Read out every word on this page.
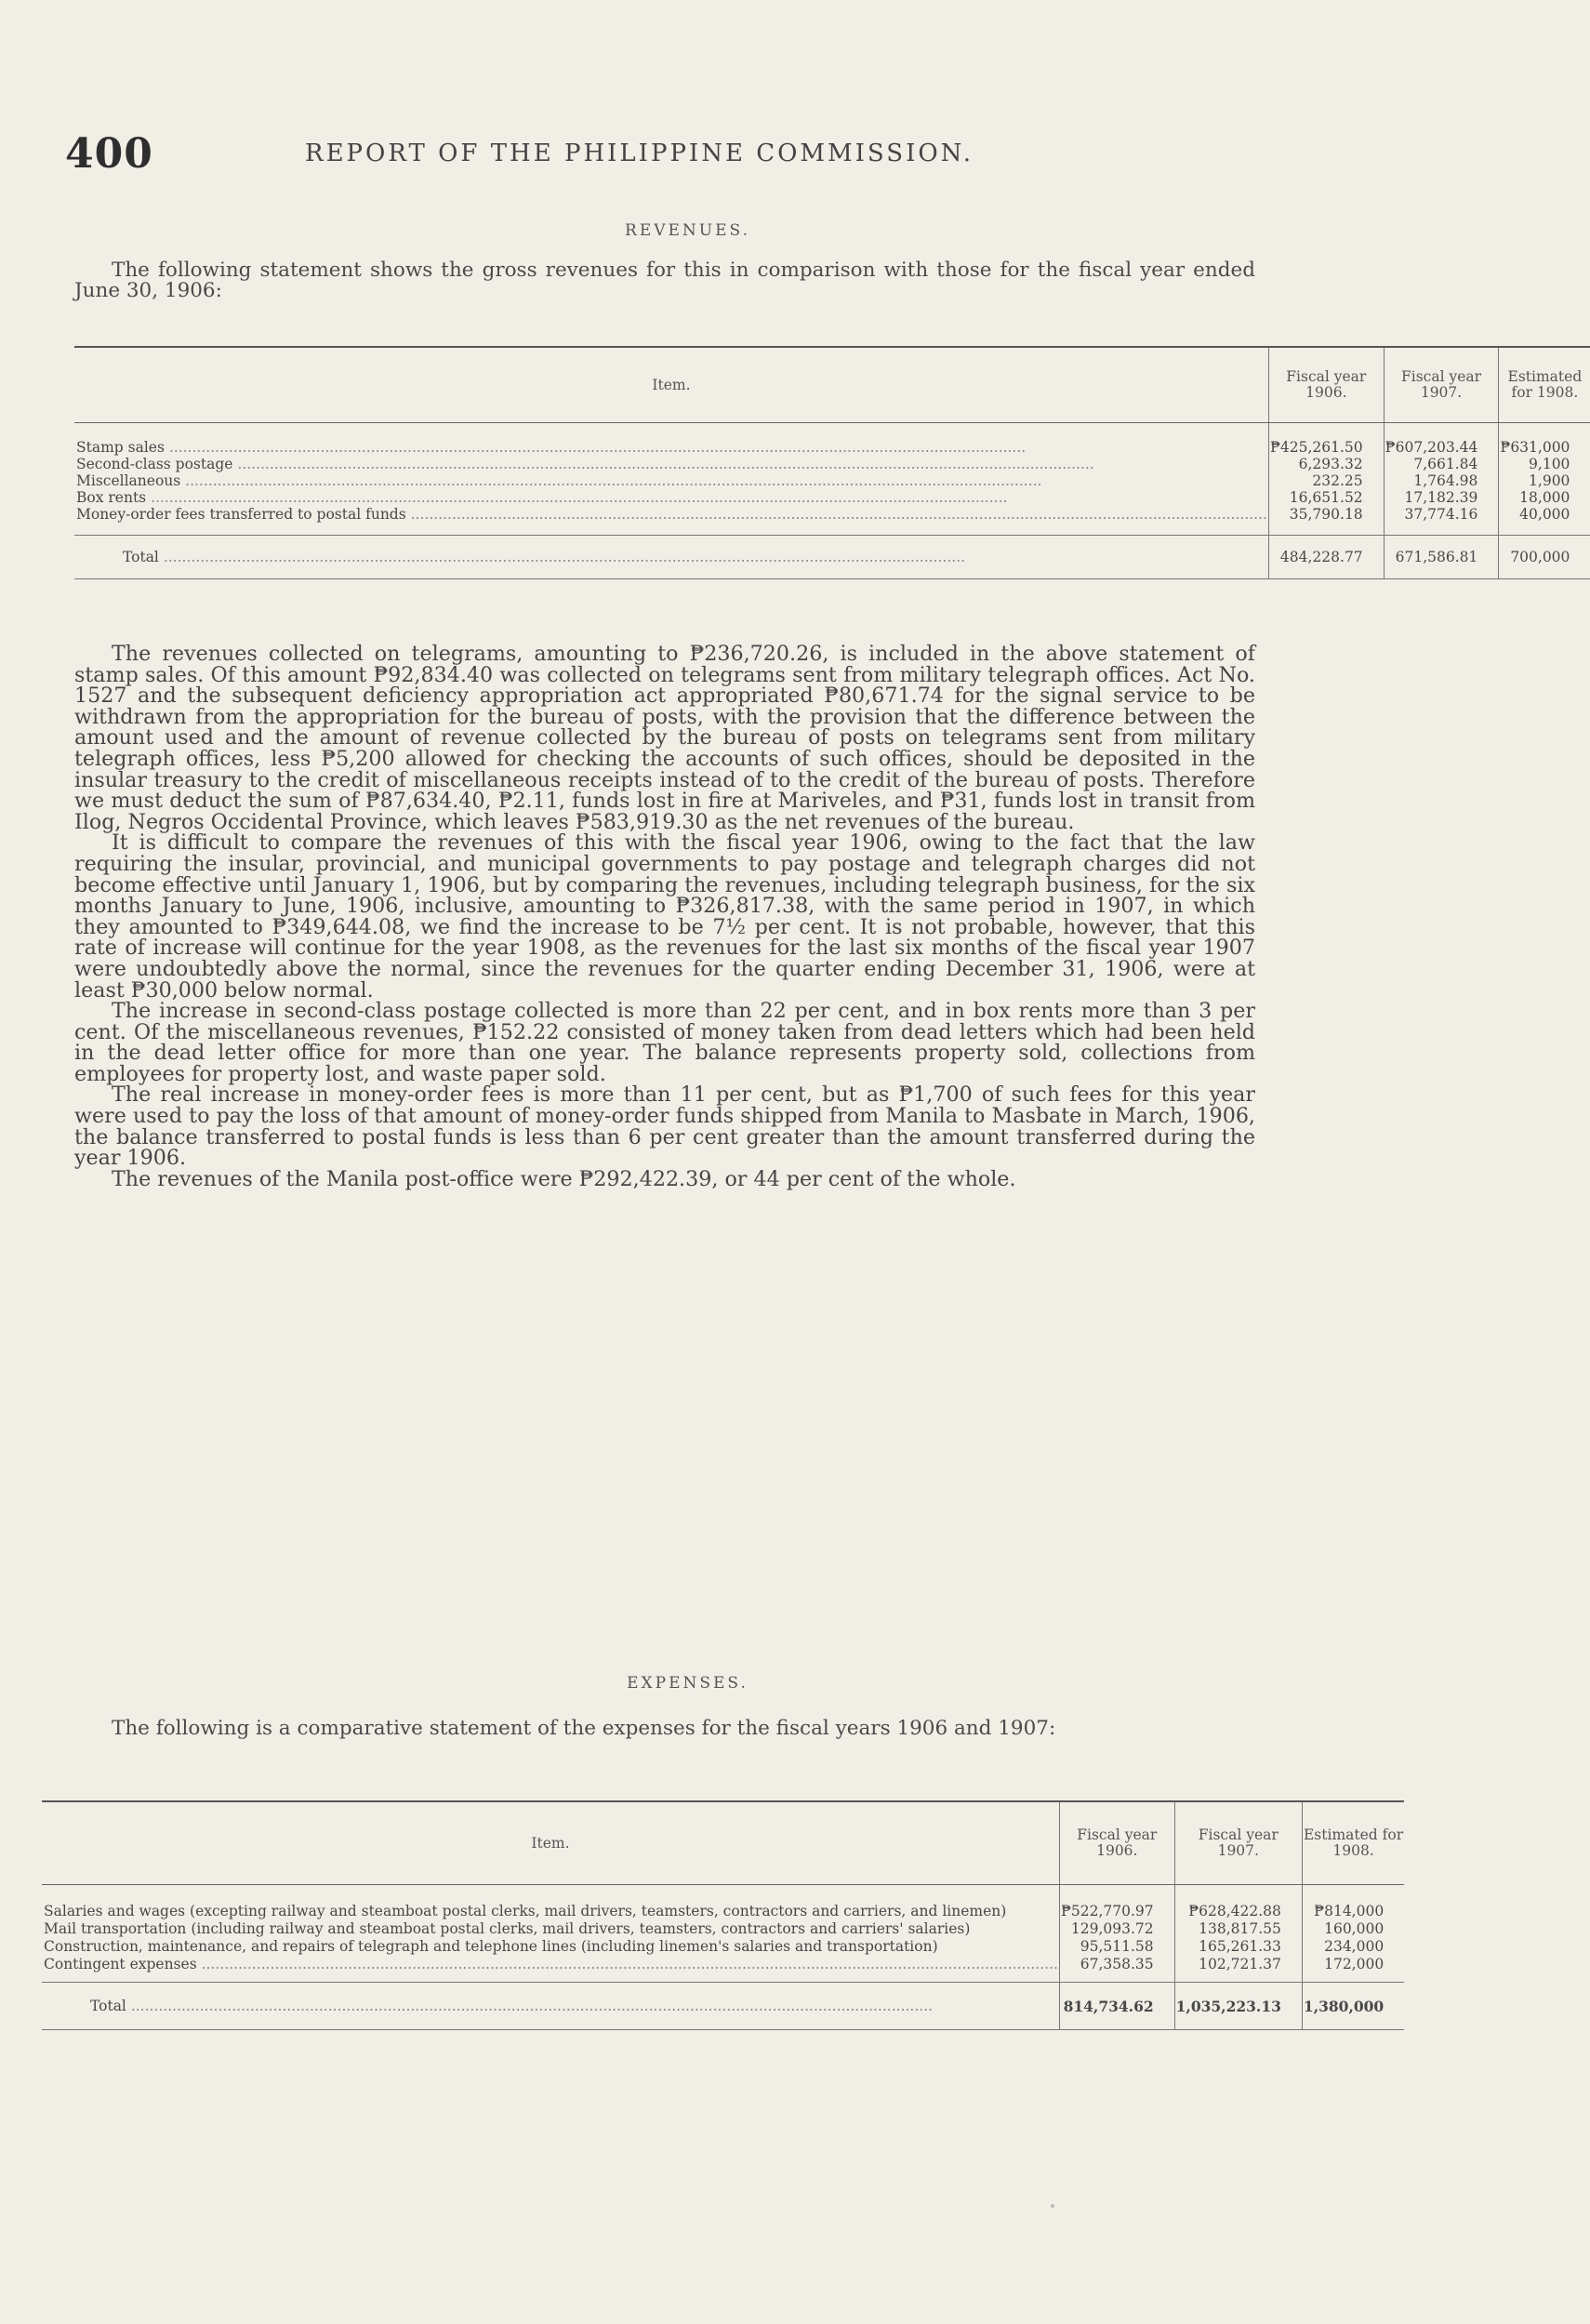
400	REPORT OF THE PHILIPPINE COMMISSION.
REVENUES.

The following statement shows the gross revenues for this in comparison with those for the fiscal year ended June 30, 1906:

Item.	Fiscal year 1906.	Fiscal year 1907.	Estimated for 1908.

Stamp sales .....	₱425,261.50	₱607,203.44	₱631,000

Second-class postage .....	6,293.32	7,661.84	9,100

Miscellaneous .....	232.25	1,764.98	1,900

Box rents .....	16,651.52	17,182.39	18,000

Money-order fees transferred to postal funds .....	35,790.18	37,774.16	40,000

Total .....	484,228.77	671,586.81	700,000

The revenues collected on telegrams, amounting to ₱236,720.26, is included in the above statement of stamp sales. Of this amount ₱92,834.40 was collected on telegrams sent from military telegraph offices. Act No. 1527 and the subsequent deficiency appropriation act appropriated ₱80,671.74 for the signal service to be withdrawn from the appropriation for the bureau of posts, with the provision that the difference between the amount used and the amount of revenue collected by the bureau of posts on telegrams sent from military telegraph offices, less ₱5,200 allowed for checking the accounts of such offices, should be deposited in the insular treasury to the credit of miscellaneous receipts instead of to the credit of the bureau of posts. Therefore we must deduct the sum of ₱87,634.40, ₱2.11, funds lost in fire at Mariveles, and ₱31, funds lost in transit from Ilog, Negros Occidental Province, which leaves ₱583,919.30 as the net revenues of the bureau.

It is difficult to compare the revenues of this with the fiscal year 1906, owing to the fact that the law requiring the insular, provincial, and municipal governments to pay postage and telegraph charges did not become effective until January 1, 1906, but by comparing the revenues, including telegraph business, for the six months January to June, 1906, inclusive, amounting to ₱326,817.38, with the same period in 1907, in which they amounted to ₱349,644.08, we find the increase to be 7½ per cent. It is not probable, however, that this rate of increase will continue for the year 1908, as the revenues for the last six months of the fiscal year 1907 were undoubtedly above the normal, since the revenues for the quarter ending December 31, 1906, were at least ₱30,000 below normal.

The increase in second-class postage collected is more than 22 per cent, and in box rents more than 3 per cent. Of the miscellaneous revenues, ₱152.22 consisted of money taken from dead letters which had been held in the dead letter office for more than one year. The balance represents property sold, collections from employees for property lost, and waste paper sold.

The real increase in money-order fees is more than 11 per cent, but as ₱1,700 of such fees for this year were used to pay the loss of that amount of money-order funds shipped from Manila to Masbate in March, 1906, the balance transferred to postal funds is less than 6 per cent greater than the amount transferred during the year 1906.

The revenues of the Manila post-office were ₱292,422.39, or 44 per cent of the whole.

EXPENSES.

The following is a comparative statement of the expenses for the fiscal years 1906 and 1907:

Item.	Fiscal year 1906.	Fiscal year 1907.	Estimated for 1908.

Salaries and wages (excepting railway and steamboat postal clerks, mail drivers, teamsters, contractors and carriers, and linemen)	₱522,770.97	₱628,422.88	₱814,000

Mail transportation (including railway and steamboat postal clerks, mail drivers, teamsters, contractors and carriers' salaries)	129,093.72	138,817.55	160,000

Construction, maintenance, and repairs of telegraph and telephone lines (including linemen's salaries and transportation)	95,511.58	165,261.33	234,000

Contingent expenses .....	67,358.35	102,721.37	172,000

Total .....	814,734.62	1,035,223.13	1,380,000
